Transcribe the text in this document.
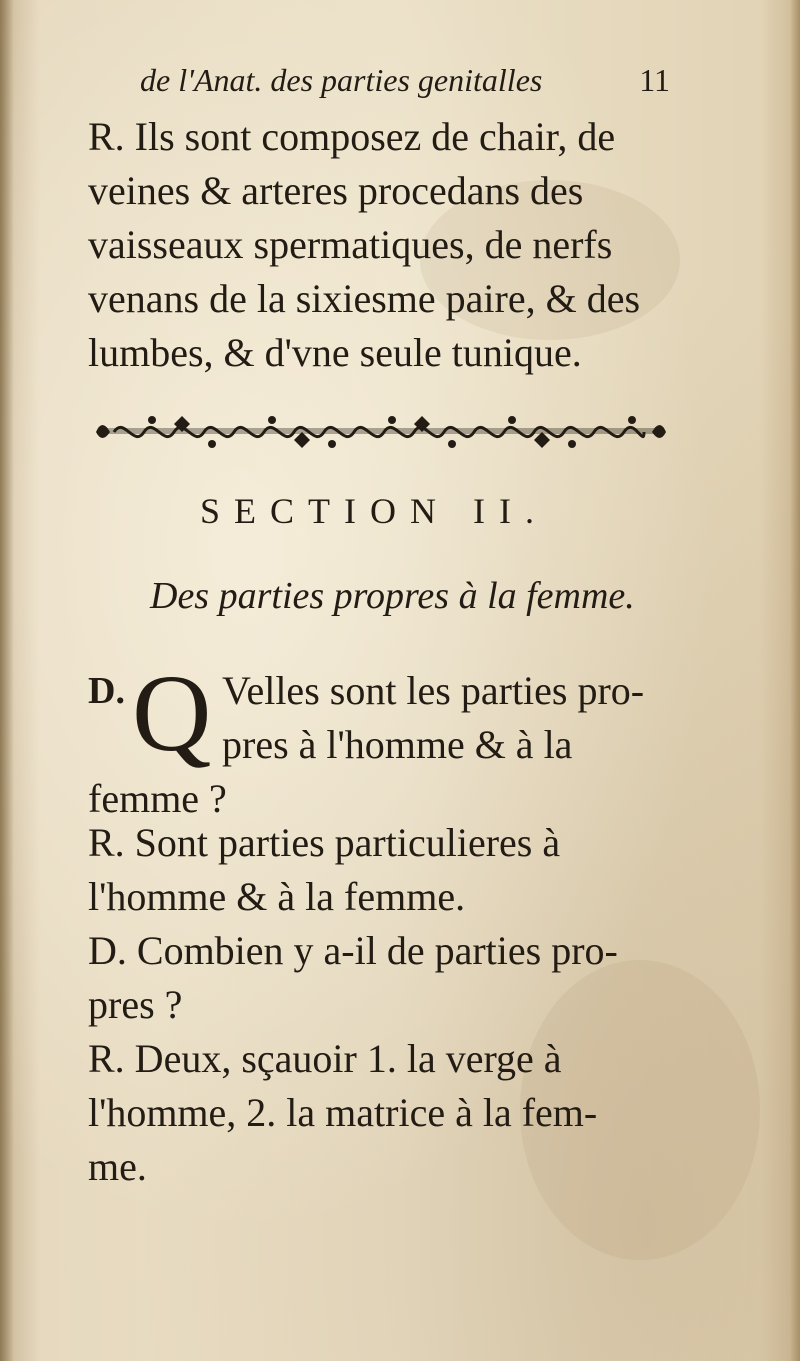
de l'Anat. des parties genitalles	11
R. Ils sont composez de chair, de
veines & arteres procedans des
vaisseaux spermatiques, de nerfs
venans de la sixiesme paire, & des
lumbes, & d'vne seule tunique.
SECTION II.
Des parties propres à la femme.
D. Q Velles sont les parties pro-
pres à l'homme & à la
femme ?
R. Sont parties particulieres à
l'homme & à la femme.
D. Combien y a-il de parties pro-
pres ?
R. Deux, sçauoir 1. la verge à
l'homme, 2. la matrice à la fem-
me.
